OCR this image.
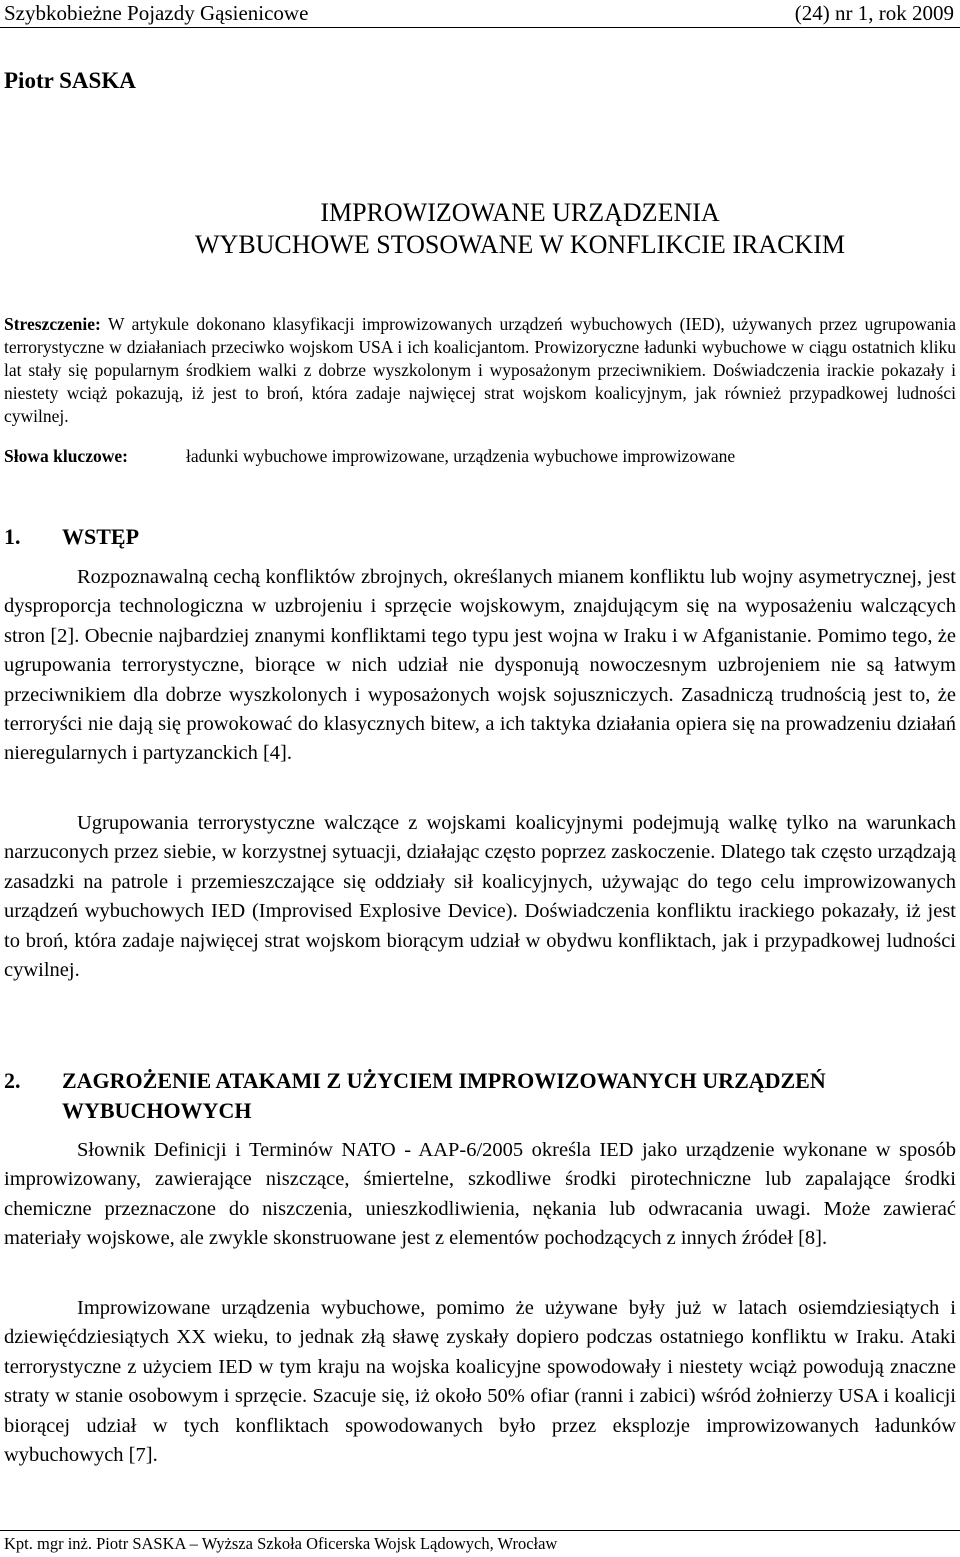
Szybkobieżne Pojazdy Gąsienicowe	(24) nr 1, rok 2009
Piotr SASKA
IMPROWIZOWANE URZĄDZENIA
WYBUCHOWE STOSOWANE W KONFLIKCIE IRACKIM

Streszczenie: W artykule dokonano klasyfikacji improwizowanych urządzeń wybuchowych (IED), używanych przez ugrupowania terrorystyczne w działaniach przeciwko wojskom USA i ich koalicjantom. Prowizoryczne ładunki wybuchowe w ciągu ostatnich kliku lat stały się popularnym środkiem walki z dobrze wyszkolonym i wyposażonym przeciwnikiem. Doświadczenia irackie pokazały i niestety wciąż pokazują, iż jest to broń, która zadaje najwięcej strat wojskom koalicyjnym, jak również przypadkowej ludności cywilnej.

Słowa kluczowe:	ładunki wybuchowe improwizowane, urządzenia wybuchowe improwizowane
1. WSTĘP

Rozpoznawalną cechą konfliktów zbrojnych, określanych mianem konfliktu lub wojny asymetrycznej, jest dysproporcja technologiczna w uzbrojeniu i sprzęcie wojskowym, znajdującym się na wyposażeniu walczących stron [2]. Obecnie najbardziej znanymi konfliktami tego typu jest wojna w Iraku i w Afganistanie. Pomimo tego, że ugrupowania terrorystyczne, biorące w nich udział nie dysponują nowoczesnym uzbrojeniem nie są łatwym przeciwnikiem dla dobrze wyszkolonych i wyposażonych wojsk sojuszniczych. Zasadniczą trudnością jest to, że terroryści nie dają się prowokować do klasycznych bitew, a ich taktyka działania opiera się na prowadzeniu działań nieregularnych i partyzanckich [4].

Ugrupowania terrorystyczne walczące z wojskami koalicyjnymi podejmują walkę tylko na warunkach narzuconych przez siebie, w korzystnej sytuacji, działając często poprzez zaskoczenie. Dlatego tak często urządzają zasadzki na patrole i przemieszczające się oddziały sił koalicyjnych, używając do tego celu improwizowanych urządzeń wybuchowych IED (Improvised Explosive Device). Doświadczenia konfliktu irackiego pokazały, iż jest to broń, która zadaje najwięcej strat wojskom biorącym udział w obydwu konfliktach, jak i przypadkowej ludności cywilnej.

2. ZAGROŻENIE ATAKAMI Z UŻYCIEM IMPROWIZOWANYCH URZĄDZEŃ WYBUCHOWYCH

Słownik Definicji i Terminów NATO - AAP-6/2005 określa IED jako urządzenie wykonane w sposób improwizowany, zawierające niszczące, śmiertelne, szkodliwe środki pirotechniczne lub zapalające środki chemiczne przeznaczone do niszczenia, unieszkodliwienia, nękania lub odwracania uwagi. Może zawierać materiały wojskowe, ale zwykle skonstruowane jest z elementów pochodzących z innych źródeł [8].

Improwizowane urządzenia wybuchowe, pomimo że używane były już w latach osiemdziesiątych i dziewięćdziesiątych XX wieku, to jednak złą sławę zyskały dopiero podczas ostatniego konfliktu w Iraku. Ataki terrorystyczne z użyciem IED w tym kraju na wojska koalicyjne spowodowały i niestety wciąż powodują znaczne straty w stanie osobowym i sprzęcie. Szacuje się, iż około 50% ofiar (ranni i zabici) wśród żołnierzy USA i koalicji biorącej udział w tych konfliktach spowodowanych było przez eksplozje improwizowanych ładunków wybuchowych [7].

Kpt. mgr inż. Piotr SASKA – Wyższa Szkoła Oficerska Wojsk Lądowych, Wrocław
